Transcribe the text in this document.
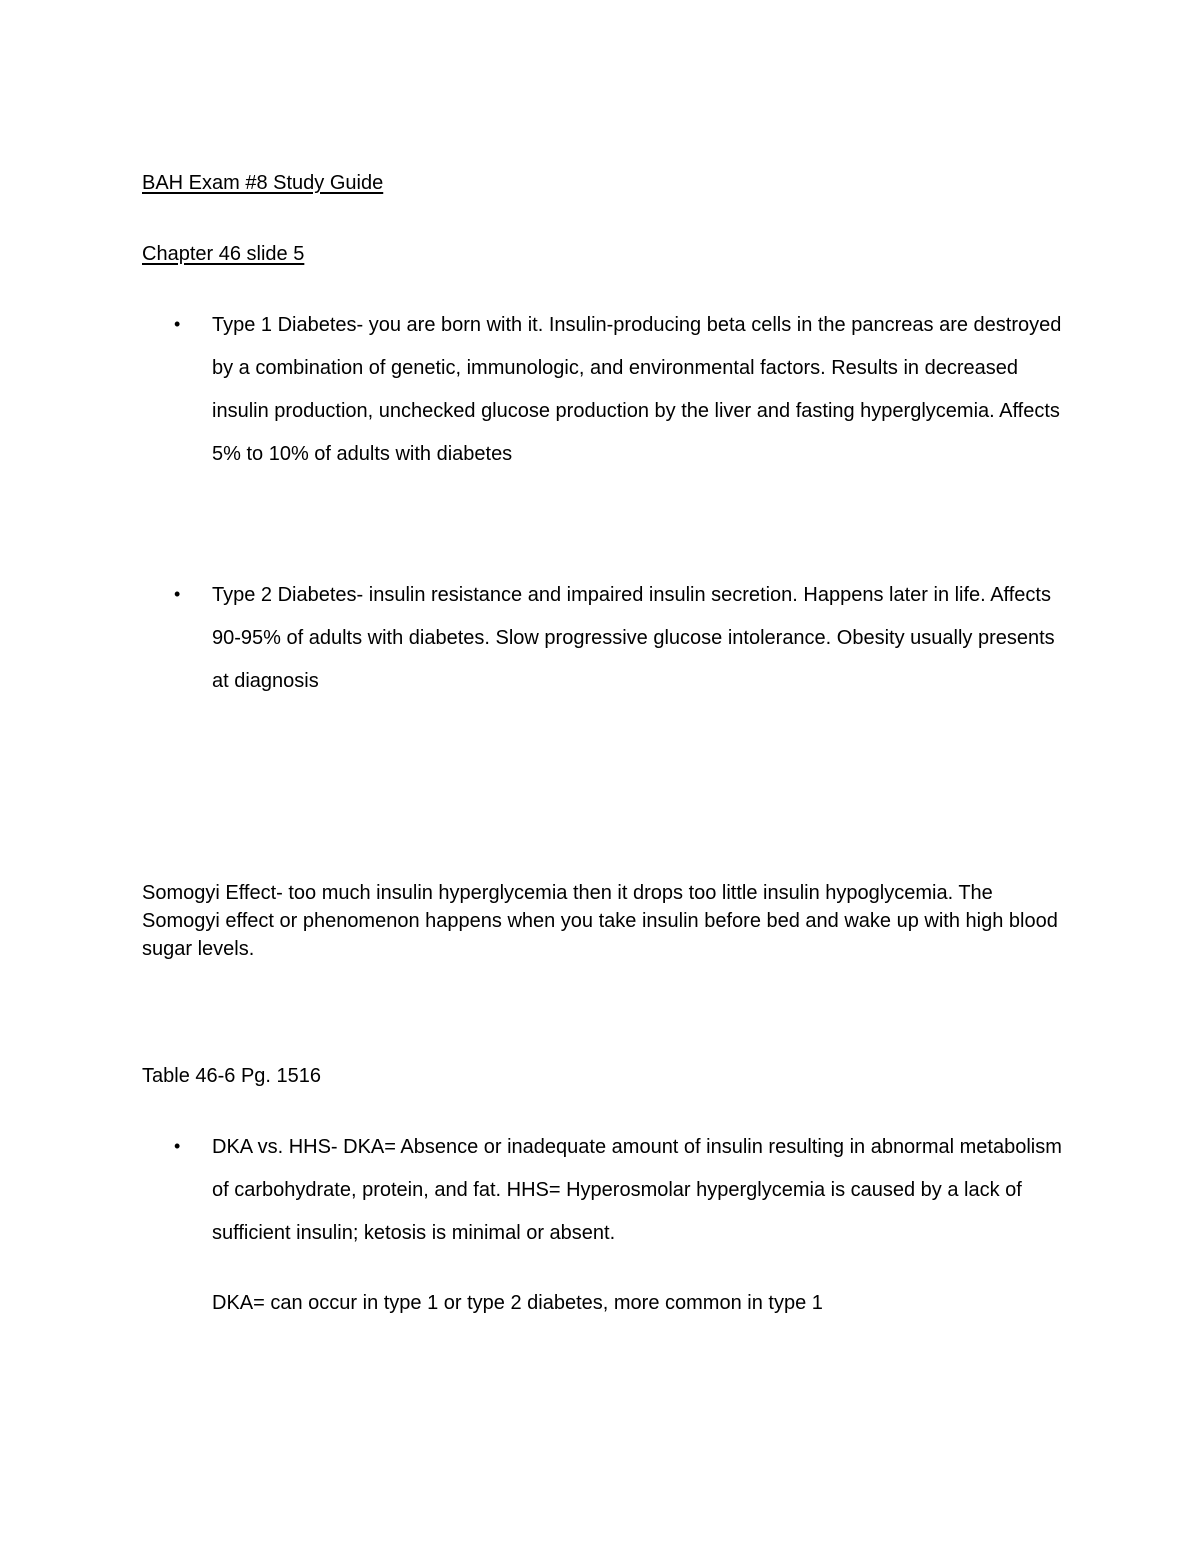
BAH Exam #8 Study Guide
Chapter 46 slide 5
•	Type 1 Diabetes- you are born with it. Insulin-producing beta cells in the pancreas are destroyed by a combination of genetic, immunologic, and environmental factors. Results in decreased insulin production, unchecked glucose production by the liver and fasting hyperglycemia. Affects 5% to 10% of adults with diabetes
•	Type 2 Diabetes- insulin resistance and impaired insulin secretion. Happens later in life. Affects 90-95% of adults with diabetes. Slow progressive glucose intolerance. Obesity usually presents at diagnosis
Somogyi Effect- too much insulin hyperglycemia then it drops too little insulin hypoglycemia. The Somogyi effect or phenomenon happens when you take insulin before bed and wake up with high blood sugar levels.
Table 46-6 Pg. 1516
•	DKA vs. HHS- DKA= Absence or inadequate amount of insulin resulting in abnormal metabolism of carbohydrate, protein, and fat. HHS= Hyperosmolar hyperglycemia is caused by a lack of sufficient insulin; ketosis is minimal or absent.
DKA= can occur in type 1 or type 2 diabetes, more common in type 1
